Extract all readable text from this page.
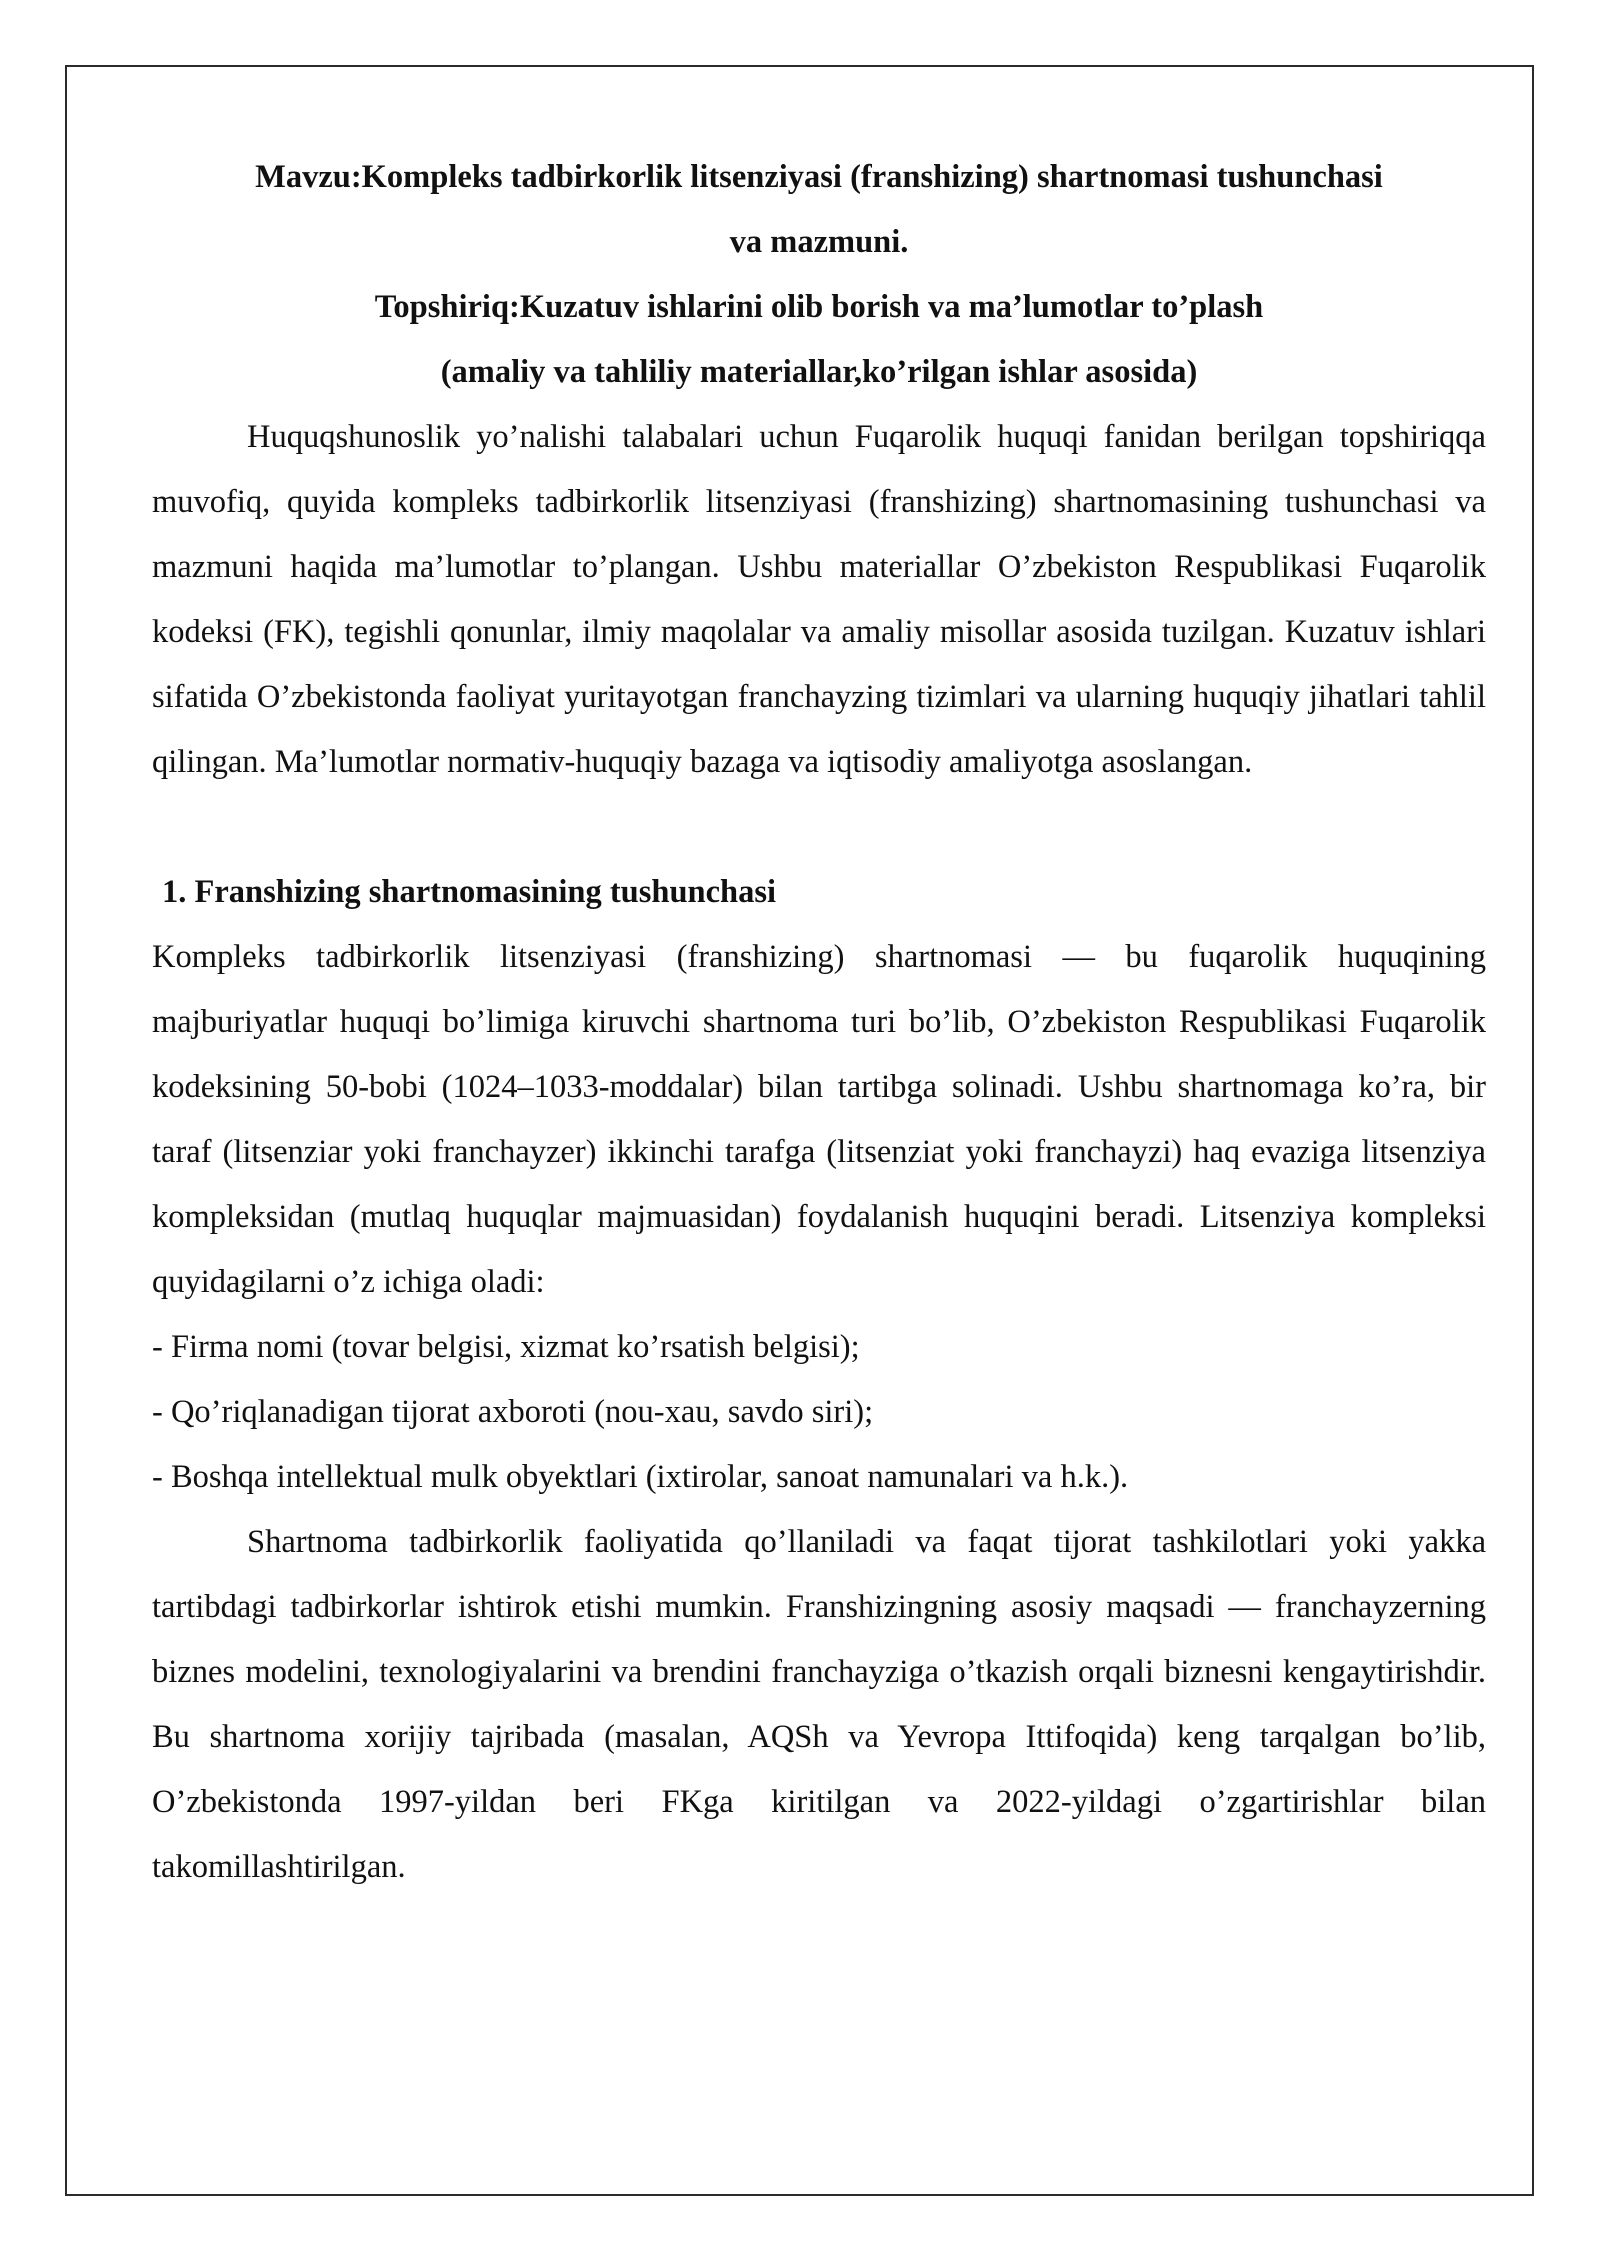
Mavzu:Kompleks tadbirkorlik litsenziyasi (franshizing) shartnomasi tushunchasi
va mazmuni.
Topshiriq:Kuzatuv ishlarini olib borish va ma’lumotlar to’plash
(amaliy va tahliliy materiallar,ko’rilgan ishlar asosida)

Huquqshunoslik yo’nalishi talabalari uchun Fuqarolik huquqi fanidan berilgan topshiriqqa muvofiq, quyida kompleks tadbirkorlik litsenziyasi (franshizing) shartnomasining tushunchasi va mazmuni haqida ma’lumotlar to’plangan. Ushbu materiallar O’zbekiston Respublikasi Fuqarolik kodeksi (FK), tegishli qonunlar, ilmiy maqolalar va amaliy misollar asosida tuzilgan. Kuzatuv ishlari sifatida O’zbekistonda faoliyat yuritayotgan franchayzing tizimlari va ularning huquqiy jihatlari tahlil qilingan. Ma’lumotlar normativ-huquqiy bazaga va iqtisodiy amaliyotga asoslangan.

1. Franshizing shartnomasining tushunchasi

Kompleks tadbirkorlik litsenziyasi (franshizing) shartnomasi — bu fuqarolik huquqining majburiyatlar huquqi bo’limiga kiruvchi shartnoma turi bo’lib, O’zbekiston Respublikasi Fuqarolik kodeksining 50-bobi (1024–1033-moddalar) bilan tartibga solinadi. Ushbu shartnomaga ko’ra, bir taraf (litsenziar yoki franchayzer) ikkinchi tarafga (litsenziat yoki franchayzi) haq evaziga litsenziya kompleksidan (mutlaq huquqlar majmuasidan) foydalanish huquqini beradi. Litsenziya kompleksi quyidagilarni o’z ichiga oladi:

- Firma nomi (tovar belgisi, xizmat ko’rsatish belgisi);
- Qo’riqlanadigan tijorat axboroti (nou-xau, savdo siri);
- Boshqa intellektual mulk obyektlari (ixtirolar, sanoat namunalari va h.k.).

Shartnoma tadbirkorlik faoliyatida qo’llaniladi va faqat tijorat tashkilotlari yoki yakka tartibdagi tadbirkorlar ishtirok etishi mumkin. Franshizingning asosiy maqsadi — franchayzerning biznes modelini, texnologiyalarini va brendini franchayziga o’tkazish orqali biznesni kengaytirishdir. Bu shartnoma xorijiy tajribada (masalan, AQSh va Yevropa Ittifoqida) keng tarqalgan bo’lib, O’zbekistonda 1997-yildan beri FKga kiritilgan va 2022-yildagi o’zgartirishlar bilan takomillashtirilgan.
